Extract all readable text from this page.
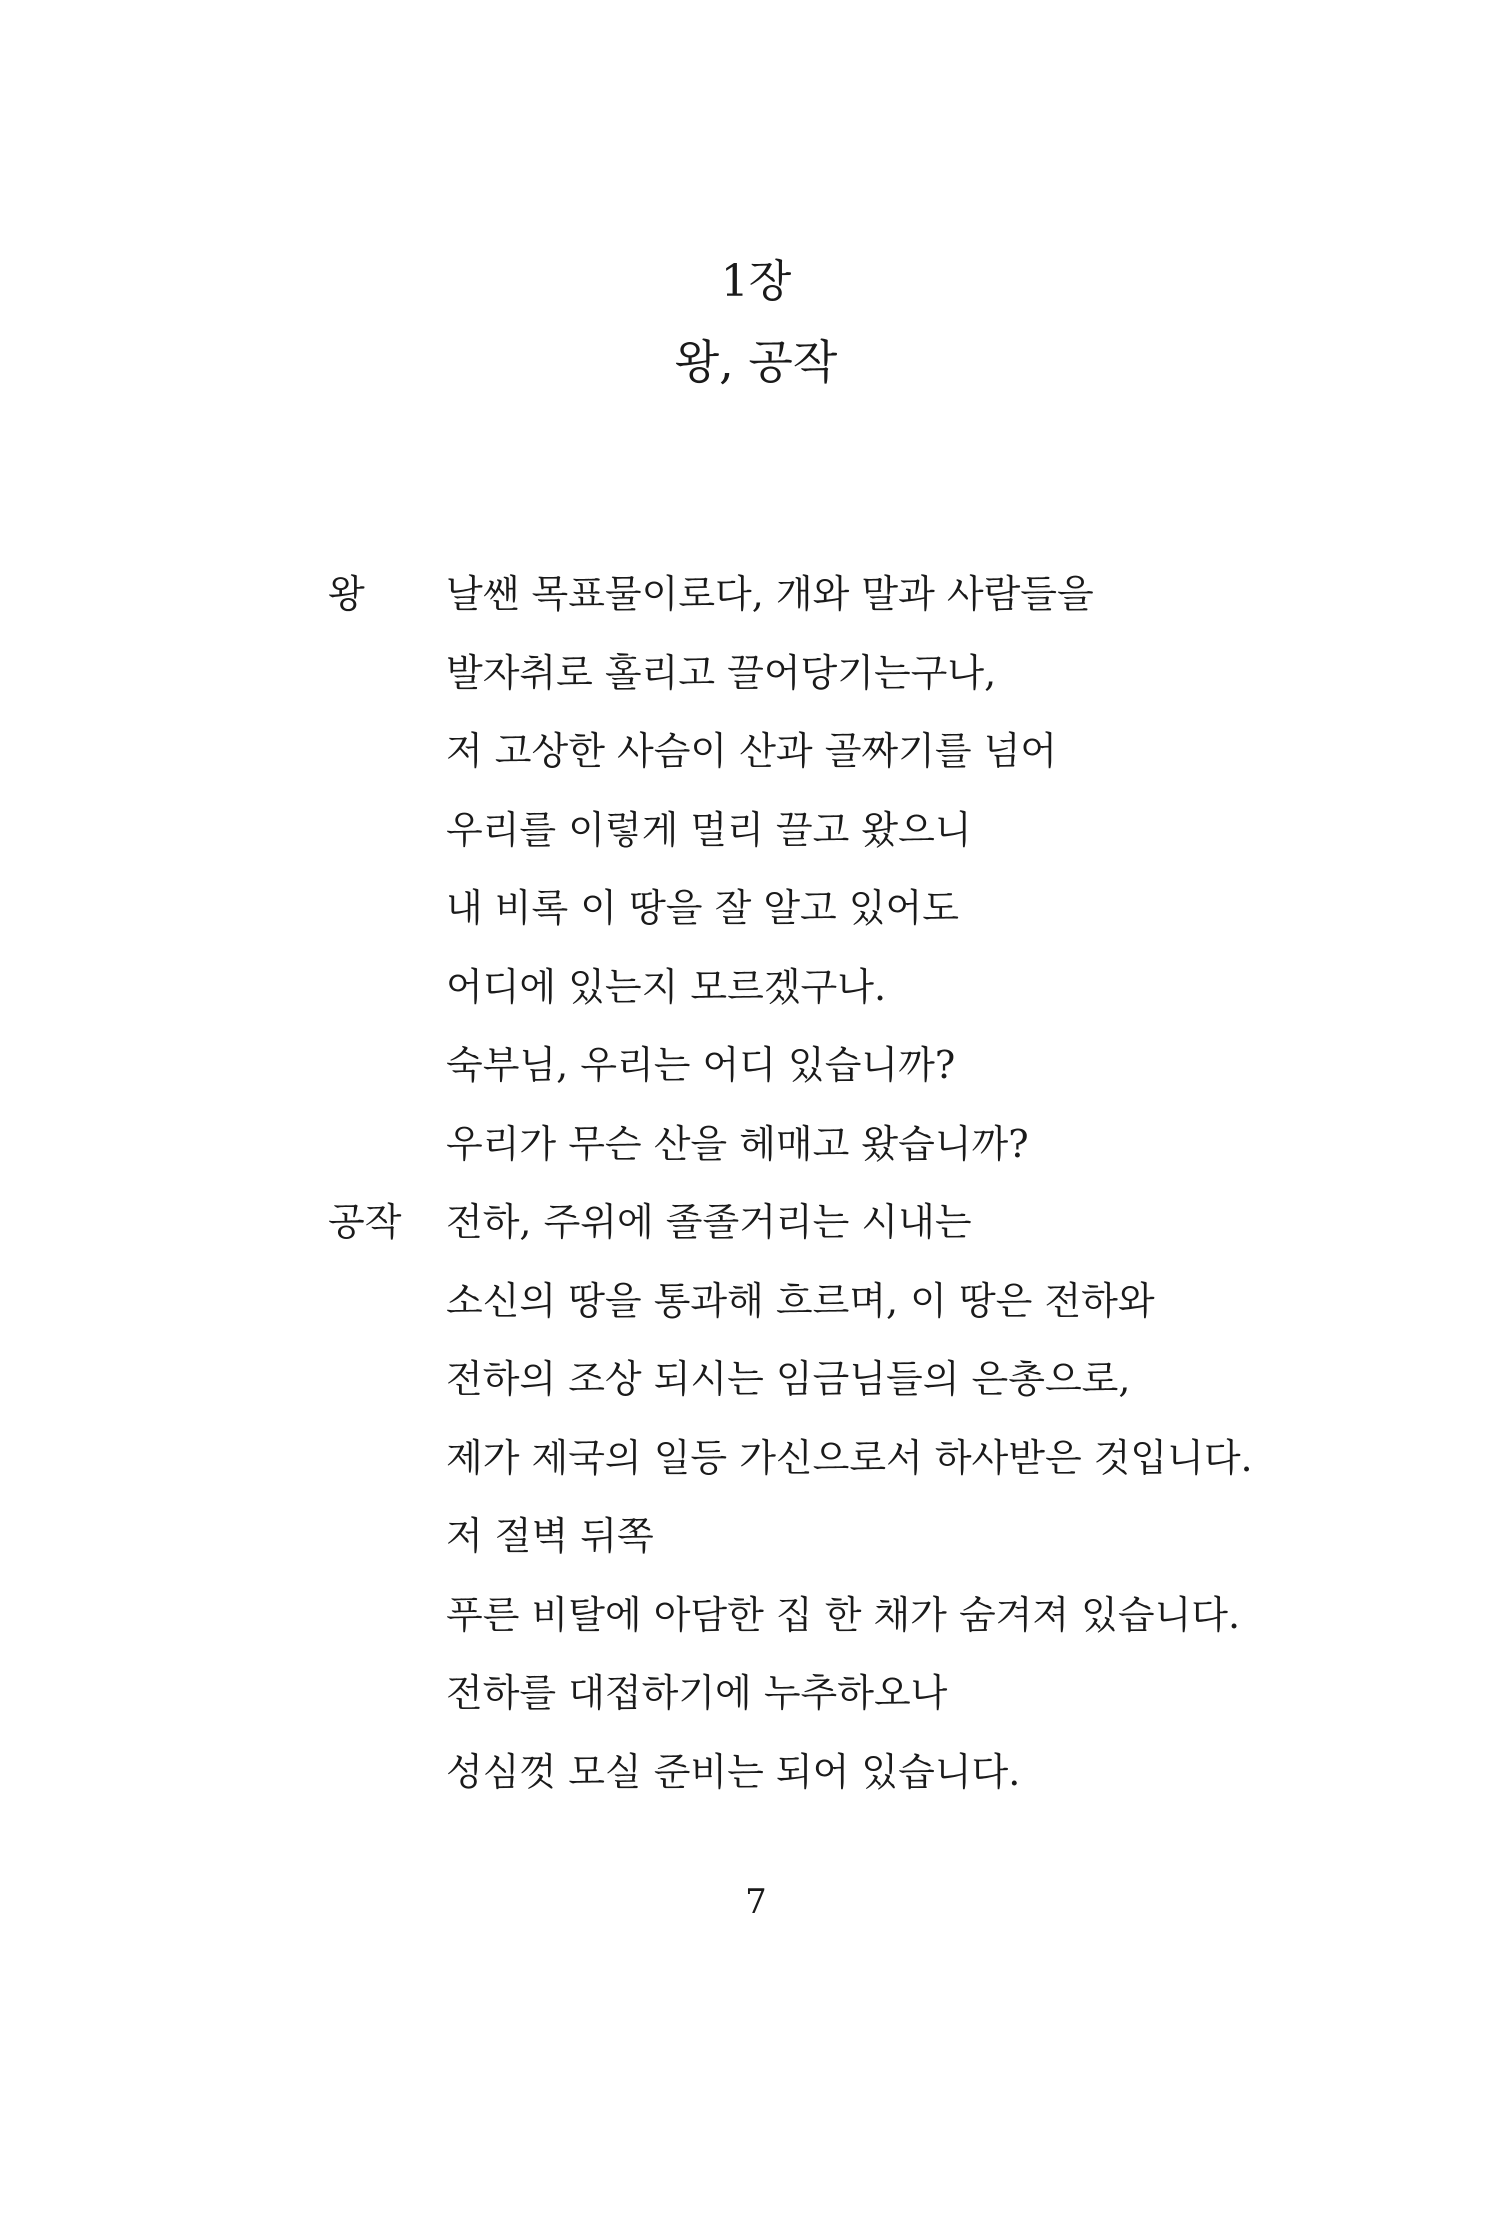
1장
왕, 공작
왕 날쌘 목표물이로다, 개와 말과 사람들을
발자취로 홀리고 끌어당기는구나,
저 고상한 사슴이 산과 골짜기를 넘어
우리를 이렇게 멀리 끌고 왔으니
내 비록 이 땅을 잘 알고 있어도
어디에 있는지 모르겠구나.
숙부님, 우리는 어디 있습니까?
우리가 무슨 산을 헤매고 왔습니까?
공작 전하, 주위에 졸졸거리는 시내는
소신의 땅을 통과해 흐르며, 이 땅은 전하와
전하의 조상 되시는 임금님들의 은총으로,
제가 제국의 일등 가신으로서 하사받은 것입니다.
저 절벽 뒤쪽
푸른 비탈에 아담한 집 한 채가 숨겨져 있습니다.
전하를 대접하기에 누추하오나
성심껏 모실 준비는 되어 있습니다.
7
